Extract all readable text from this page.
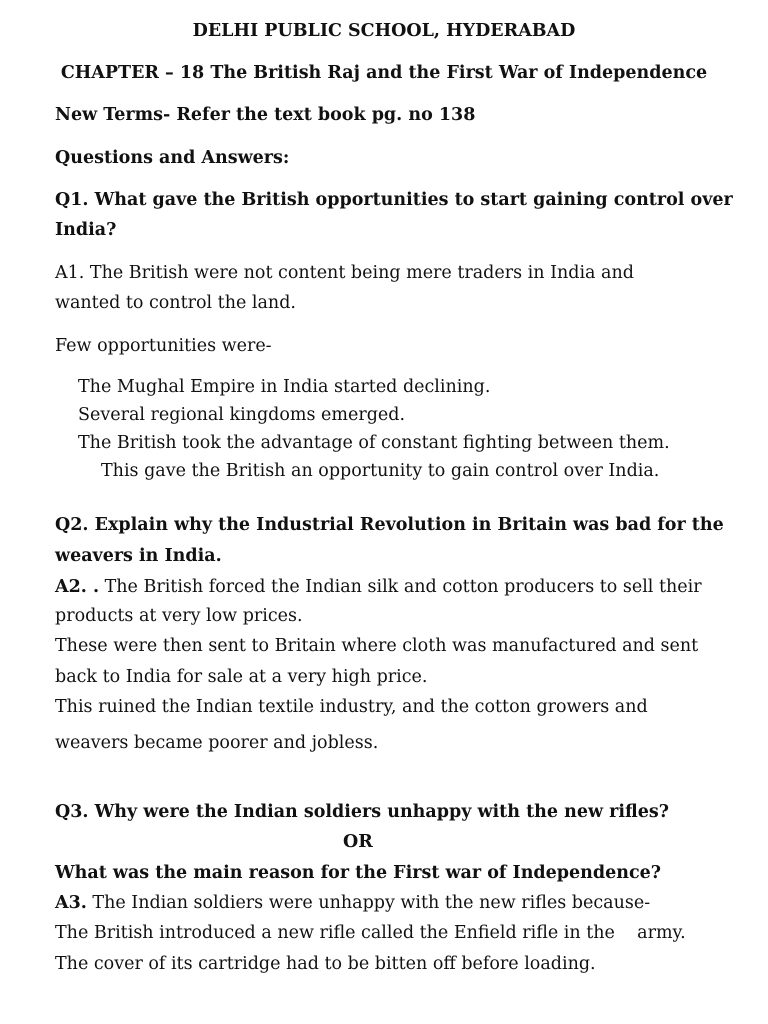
DELHI PUBLIC SCHOOL, HYDERABAD
CHAPTER – 18 The British Raj and the First War of Independence
New Terms- Refer the text book pg. no 138
Questions and Answers:
Q1. What gave the British opportunities to start gaining control over
India?
A1. The British were not content being mere traders in India and
wanted to control the land.
Few opportunities were-
The Mughal Empire in India started declining.
Several regional kingdoms emerged.
The British took the advantage of constant fighting between them.
This gave the British an opportunity to gain control over India.
Q2. Explain why the Industrial Revolution in Britain was bad for the
weavers in India.
A2. . The British forced the Indian silk and cotton producers to sell their
products at very low prices.
These were then sent to Britain where cloth was manufactured and sent
back to India for sale at a very high price.
This ruined the Indian textile industry, and the cotton growers and
weavers became poorer and jobless.
Q3. Why were the Indian soldiers unhappy with the new rifles?
OR
What was the main reason for the First war of Independence?
A3. The Indian soldiers were unhappy with the new rifles because-
The British introduced a new rifle called the Enfield rifle in the    army.
The cover of its cartridge had to be bitten off before loading.
